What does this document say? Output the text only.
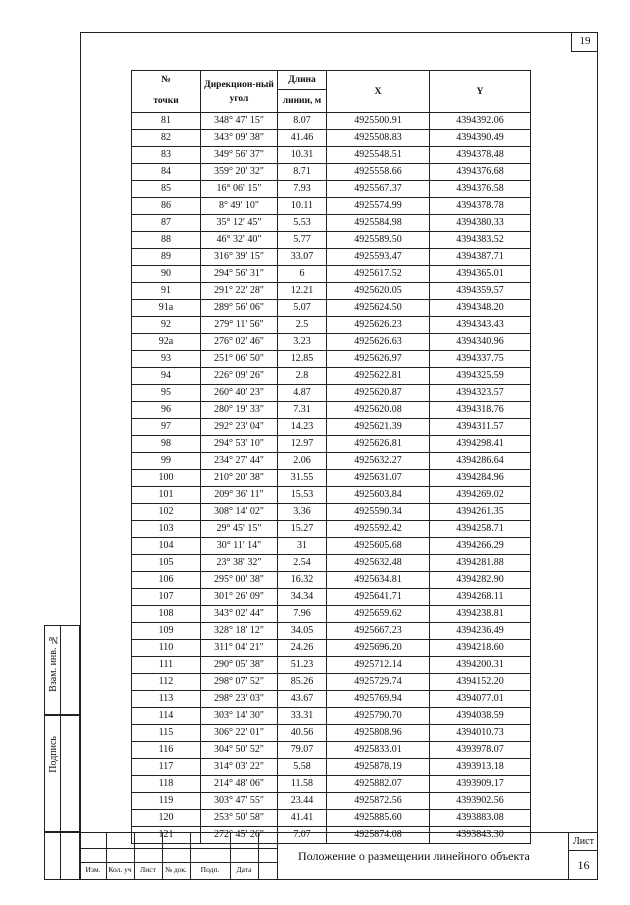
19
Взам. инв. №
Подпись
№	Дирекцион-ный угол	Длина	X	Y
точки		линии, м		
81	348° 47' 15"	8.07	4925500.91	4394392.06
82	343° 09' 38"	41.46	4925508.83	4394390.49
83	349° 56' 37"	10.31	4925548.51	4394378.48
84	359° 20' 32"	8.71	4925558.66	4394376.68
85	16° 06' 15"	7.93	4925567.37	4394376.58
86	8° 49' 10"	10.11	4925574.99	4394378.78
87	35° 12' 45"	5.53	4925584.98	4394380.33
88	46° 32' 40"	5.77	4925589.50	4394383.52
89	316° 39' 15"	33.07	4925593.47	4394387.71
90	294° 56' 31"	6	4925617.52	4394365.01
91	291° 22' 28"	12.21	4925620.05	4394359.57
91а	289° 56' 06"	5.07	4925624.50	4394348.20
92	279° 11' 56"	2.5	4925626.23	4394343.43
92а	276° 02' 46"	3.23	4925626.63	4394340.96
93	251° 06' 50"	12.85	4925626.97	4394337.75
94	226° 09' 26"	2.8	4925622.81	4394325.59
95	260° 40' 23"	4.87	4925620.87	4394323.57
96	280° 19' 33"	7.31	4925620.08	4394318.76
97	292° 23' 04"	14.23	4925621.39	4394311.57
98	294° 53' 10"	12.97	4925626.81	4394298.41
99	234° 27' 44"	2.06	4925632.27	4394286.64
100	210° 20' 38"	31.55	4925631.07	4394284.96
101	209° 36' 11"	15.53	4925603.84	4394269.02
102	308° 14' 02"	3.36	4925590.34	4394261.35
103	29° 45' 15"	15.27	4925592.42	4394258.71
104	30° 11' 14"	31	4925605.68	4394266.29
105	23° 38' 32"	2.54	4925632.48	4394281.88
106	295° 00' 38"	16.32	4925634.81	4394282.90
107	301° 26' 09"	34.34	4925641.71	4394268.11
108	343° 02' 44"	7.96	4925659.62	4394238.81
109	328° 18' 12"	34.05	4925667.23	4394236.49
110	311° 04' 21"	24.26	4925696.20	4394218.60
111	290° 05' 38"	51.23	4925712.14	4394200.31
112	298° 07' 52"	85.26	4925729.74	4394152.20
113	298° 23' 03"	43.67	4925769.94	4394077.01
114	303° 14' 30"	33.31	4925790.70	4394038.59
115	306° 22' 01"	40.56	4925808.96	4394010.73
116	304° 50' 52"	79.07	4925833.01	4393978.07
117	314° 03' 22"	5.58	4925878.19	4393913.18
118	214° 48' 06"	11.58	4925882.07	4393909.17
119	303° 47' 55"	23.44	4925872.56	4393902.56
120	253° 50' 58"	41.41	4925885.60	4393883.08
121	272° 45' 26"	7.07	4925874.08	4393843.30
Изм.	Кол. уч	Лист	№ док.	Подп.	Дата
Положение о размещении линейного объекта
Лист
16
